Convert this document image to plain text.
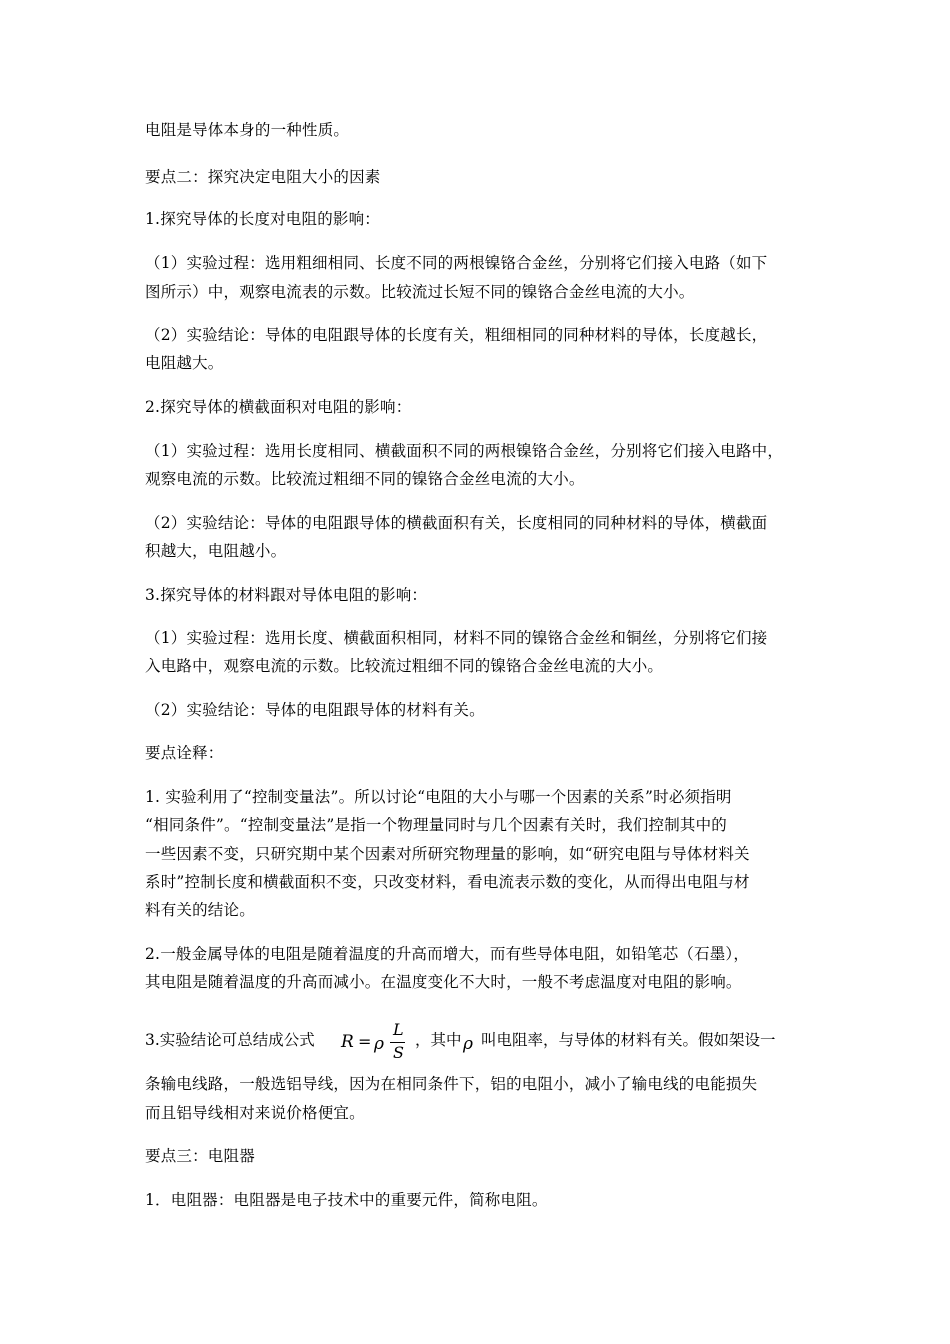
电阻是导体本身的一种性质。
要点二：探究决定电阻大小的因素
1.探究导体的长度对电阻的影响：
（1）实验过程：选用粗细相同、长度不同的两根镍铬合金丝，分别将它们接入电路（如下
图所示）中，观察电流表的示数。比较流过长短不同的镍铬合金丝电流的大小。
（2）实验结论：导体的电阻跟导体的长度有关，粗细相同的同种材料的导体，长度越长，
电阻越大。
2.探究导体的横截面积对电阻的影响：
（1）实验过程：选用长度相同、横截面积不同的两根镍铬合金丝，分别将它们接入电路中，
观察电流的示数。比较流过粗细不同的镍铬合金丝电流的大小。
（2）实验结论：导体的电阻跟导体的横截面积有关，长度相同的同种材料的导体，横截面
积越大，电阻越小。
3.探究导体的材料跟对导体电阻的影响：
（1）实验过程：选用长度、横截面积相同，材料不同的镍铬合金丝和铜丝，分别将它们接
入电路中，观察电流的示数。比较流过粗细不同的镍铬合金丝电流的大小。
（2）实验结论：导体的电阻跟导体的材料有关。
要点诠释：
1. 实验利用了“控制变量法”。所以讨论“电阻的大小与哪一个因素的关系”时必须指明
“相同条件”。“控制变量法”是指一个物理量同时与几个因素有关时，我们控制其中的
一些因素不变，只研究期中某个因素对所研究物理量的影响，如“研究电阻与导体材料关
系时”控制长度和横截面积不变，只改变材料，看电流表示数的变化，从而得出电阻与材
料有关的结论。
2.一般金属导体的电阻是随着温度的升高而增大，而有些导体电阻，如铅笔芯（石墨），
其电阻是随着温度的升高而减小。在温度变化不大时，一般不考虑温度对电阻的影响。
3.实验结论可总结成公式 R = ρ
L
S
，其中 ρ 叫电阻率，与导体的材料有关。假如架设一
条输电线路，一般选铝导线，因为在相同条件下，铝的电阻小，减小了输电线的电能损失
而且铝导线相对来说价格便宜。
要点三：电阻器
1．电阻器：电阻器是电子技术中的重要元件，简称电阻。
